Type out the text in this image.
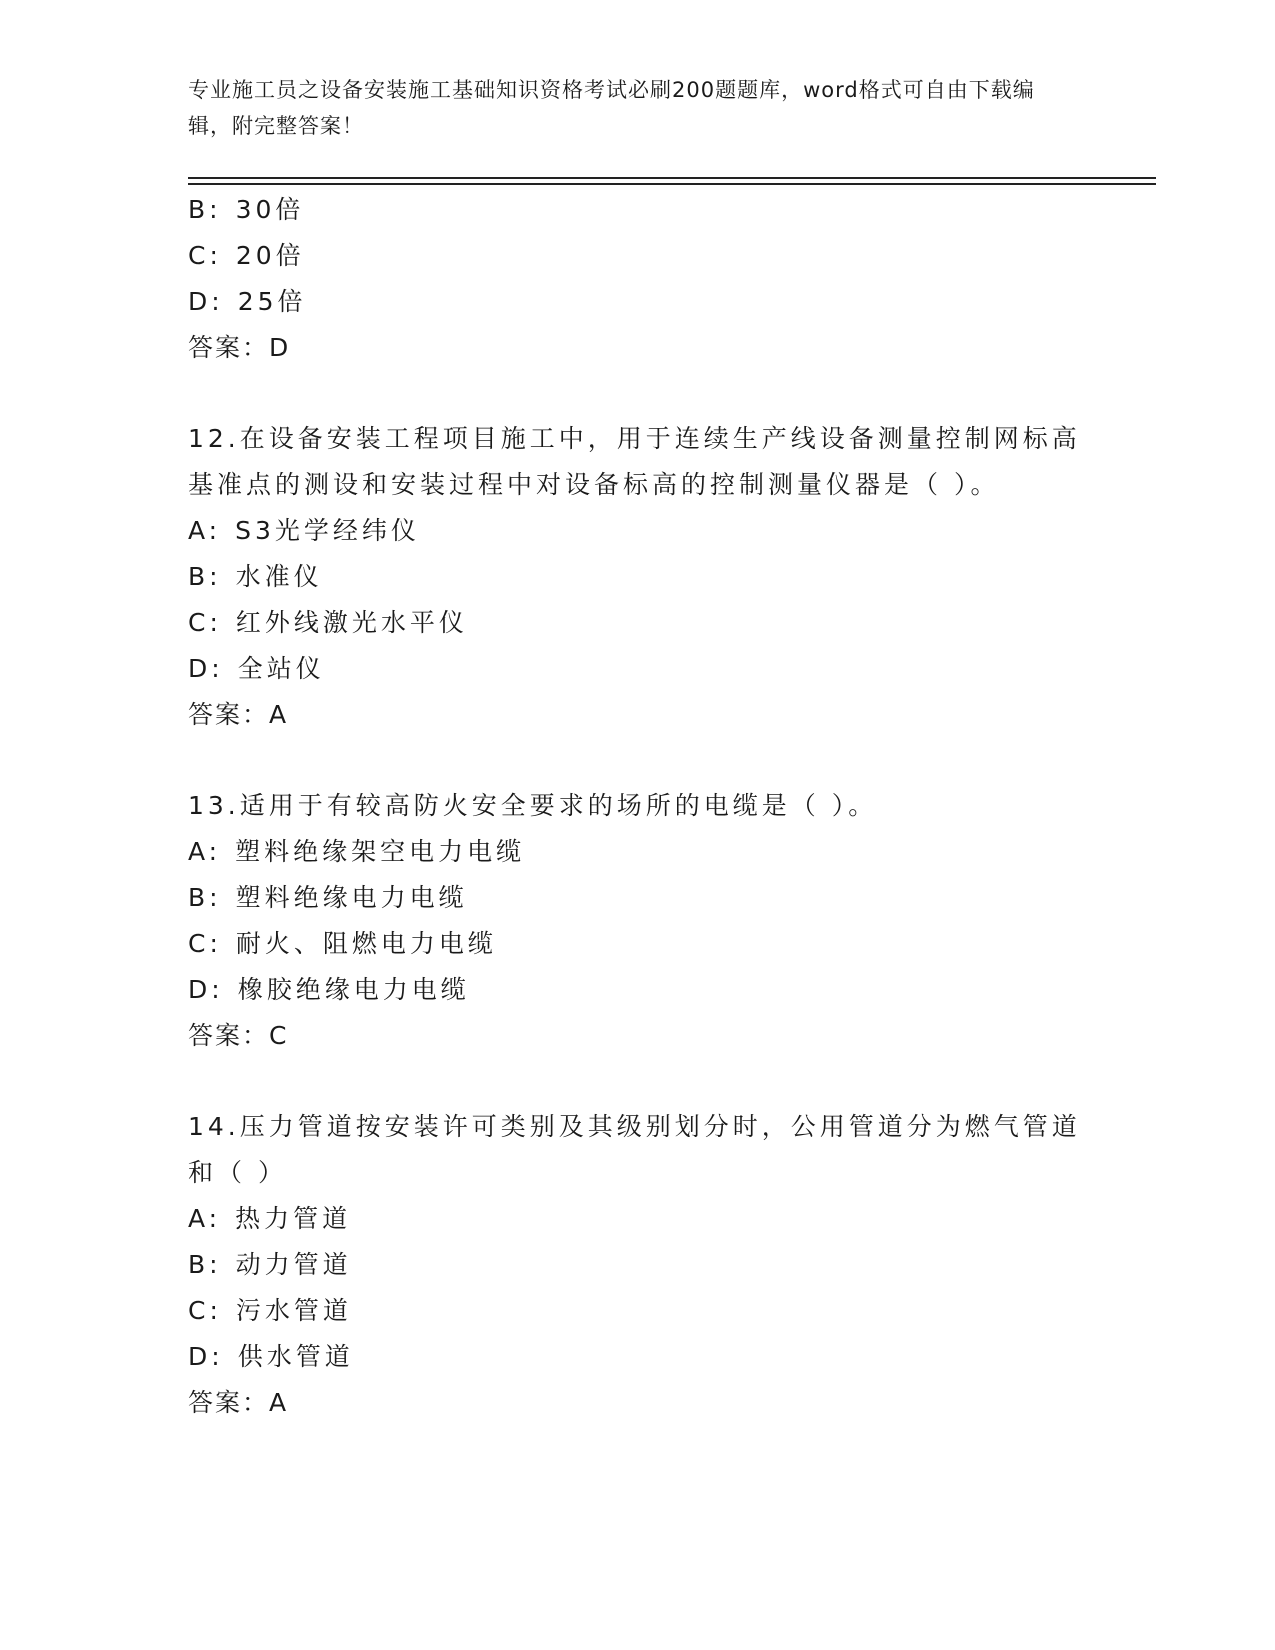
专业施工员之设备安装施工基础知识资格考试必刷200题题库，word格式可自由下载编辑，附完整答案！
B: 30倍
C: 20倍
D: 25倍
答案：D
12.在设备安装工程项目施工中，用于连续生产线设备测量控制网标高
基准点的测设和安装过程中对设备标高的控制测量仪器是（ ）。
A: S3光学经纬仪
B: 水准仪
C: 红外线激光水平仪
D: 全站仪
答案：A
13.适用于有较高防火安全要求的场所的电缆是（ ）。
A: 塑料绝缘架空电力电缆
B: 塑料绝缘电力电缆
C: 耐火、阻燃电力电缆
D: 橡胶绝缘电力电缆
答案：C
14.压力管道按安装许可类别及其级别划分时，公用管道分为燃气管道
和（ ）
A: 热力管道
B: 动力管道
C: 污水管道
D: 供水管道
答案：A
